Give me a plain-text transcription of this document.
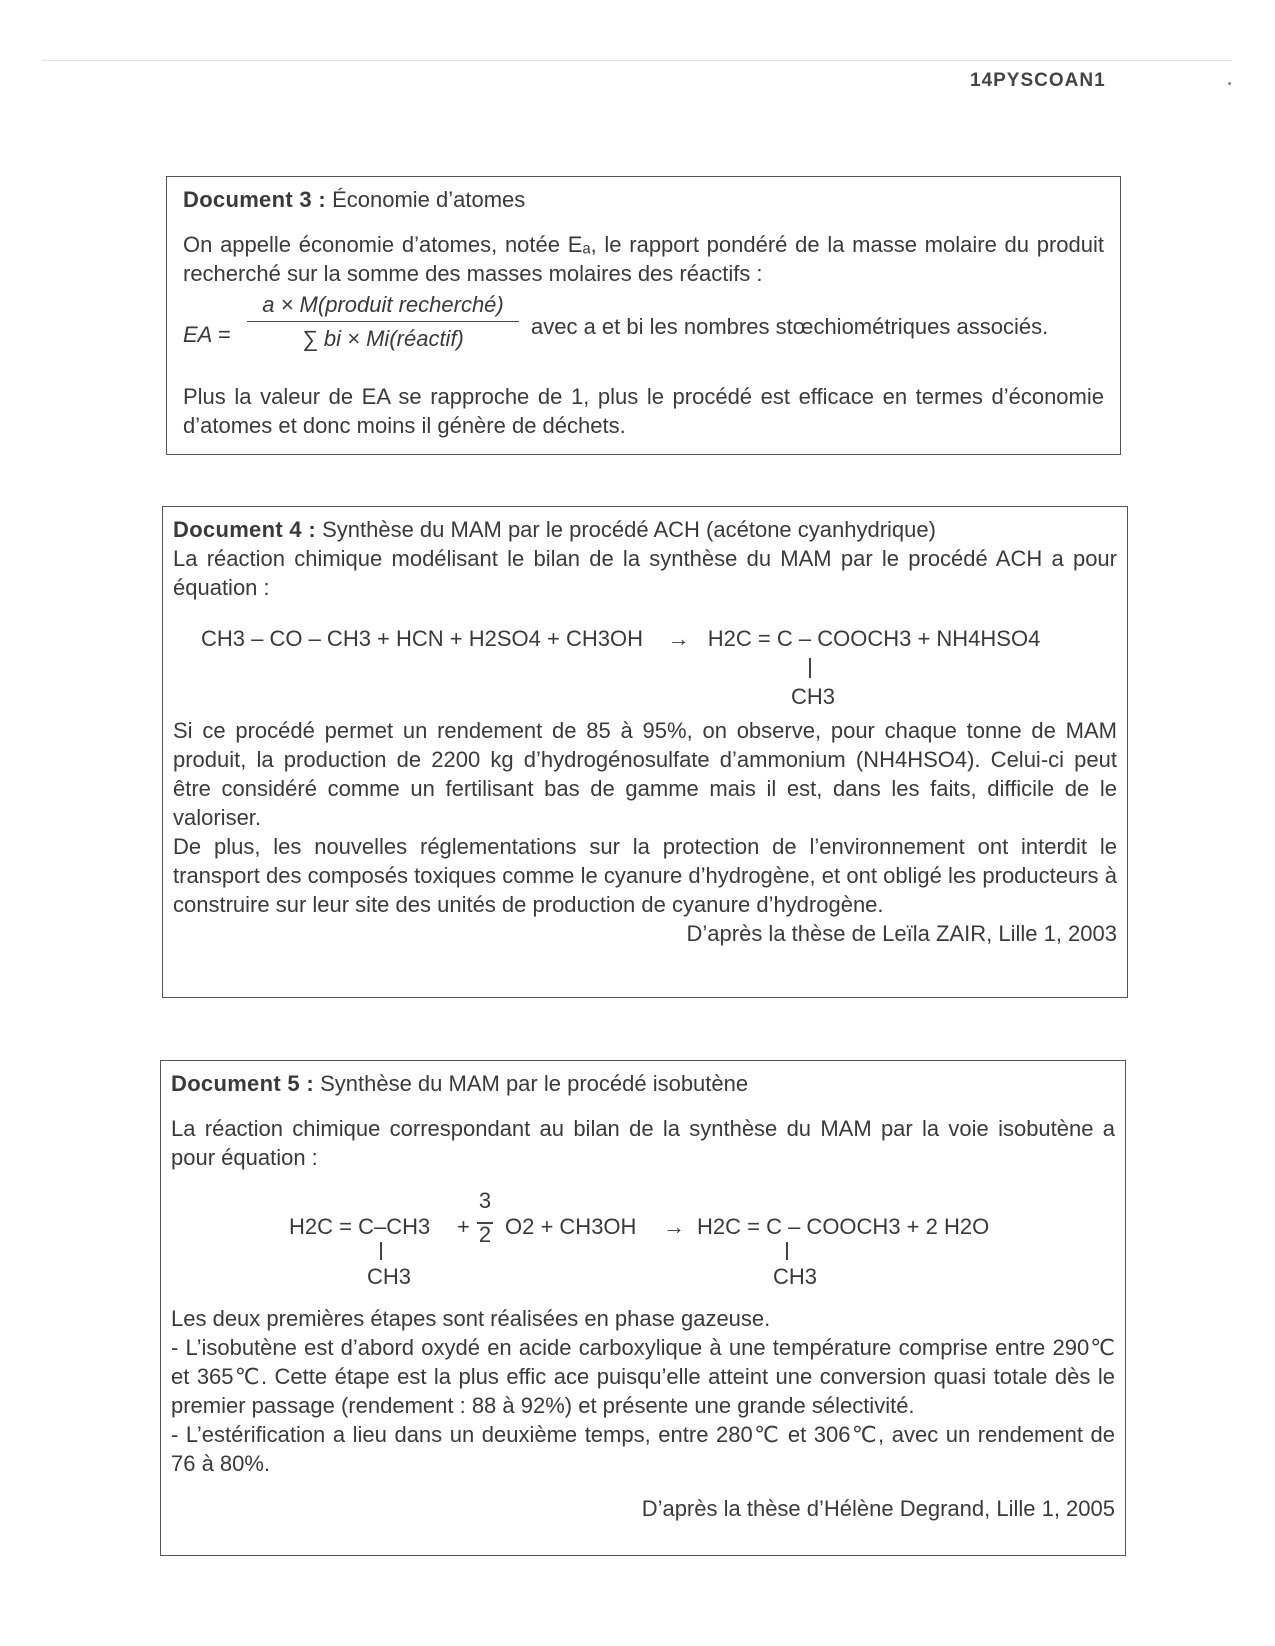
14PYSCOAN1
Document 3 : Économie d’atomes

On appelle économie d’atomes, notée Eₐ, le rapport pondéré de la masse molaire du produit recherché sur la somme des masses molaires des réactifs :

EA =
a × M(produit recherché)
∑ bi × Mi(réactif)	avec a et bi les nombres stœchiométriques associés.

Plus la valeur de EA se rapproche de 1, plus le procédé est efficace en termes d’économie d’atomes et donc moins il génère de déchets.

Document 4 : Synthèse du MAM par le procédé ACH (acétone cyanhydrique)

La réaction chimique modélisant le bilan de la synthèse du MAM par le procédé ACH a pour équation :

CH3 – CO – CH3 + HCN + H2SO4 + CH3OH → H2C = C – COOCH3 + NH4HSO4
CH3

Si ce procédé permet un rendement de 85 à 95%, on observe, pour chaque tonne de MAM produit, la production de 2200 kg d’hydrogénosulfate d’ammonium (NH4HSO4). Celui-ci peut être considéré comme un fertilisant bas de gamme mais il est, dans les faits, difficile de le valoriser.

De plus, les nouvelles réglementations sur la protection de l’environnement ont interdit le transport des composés toxiques comme le cyanure d’hydrogène, et ont obligé les producteurs à construire sur leur site des unités de production de cyanure d’hydrogène.

D’après la thèse de Leïla ZAIR, Lille 1, 2003

Document 5 : Synthèse du MAM par le procédé isobutène

La réaction chimique correspondant au bilan de la synthèse du MAM par la voie isobutène a pour équation :

H2C = C–CH3 +
3
2 O2 + CH3OH → H2C = C – COOCH3 + 2 H2O
CH3	CH3

Les deux premières étapes sont réalisées en phase gazeuse.

- L’isobutène est d’abord oxydé en acide carboxylique à une température comprise entre 290℃ et 365℃. Cette étape est la plus effic ace puisqu’elle atteint une conversion quasi totale dès le premier passage (rendement : 88 à 92%) et présente une grande sélectivité.

- L’estérification a lieu dans un deuxième temps, entre 280℃ et 306℃, avec un rendement de 76 à 80%.

D’après la thèse d’Hélène Degrand, Lille 1, 2005
